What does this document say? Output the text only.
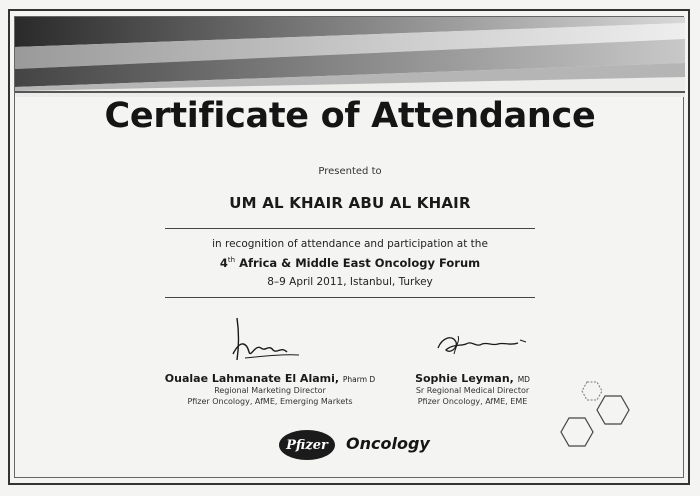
Certificate of Attendance
Presented to
UM AL KHAIR ABU AL KHAIR
in recognition of attendance and participation at the
4th Africa & Middle East Oncology Forum
8–9 April 2011, Istanbul, Turkey
Oualae Lahmanate El Alami, Pharm D
Regional Marketing Director
Pfizer Oncology, AfME, Emerging Markets
Sophie Leyman, MD
Sr Regional Medical Director
Pfizer Oncology, AfME, EME
Pfizer Oncology
